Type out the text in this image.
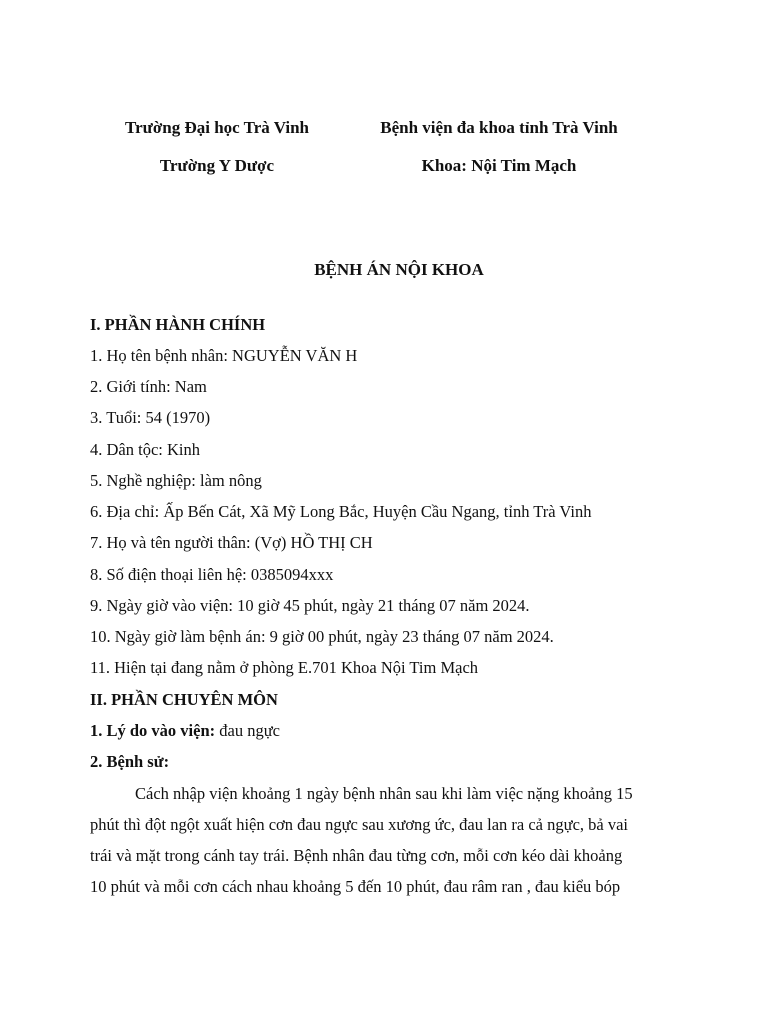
Trường Đại học Trà Vinh	Bệnh viện đa khoa tỉnh Trà Vinh
Trường Y Dược	Khoa: Nội Tim Mạch
BỆNH ÁN NỘI KHOA
I. PHẦN HÀNH CHÍNH
1. Họ tên bệnh nhân: NGUYỄN VĂN H
2. Giới tính: Nam
3. Tuổi: 54 (1970)
4. Dân tộc: Kinh
5. Nghề nghiệp: làm nông
6. Địa chỉ: Ấp Bến Cát, Xã Mỹ Long Bắc, Huyện Cầu Ngang, tỉnh Trà Vinh
7. Họ và tên người thân: (Vợ) HỒ THỊ CH
8. Số điện thoại liên hệ: 0385094xxx
9. Ngày giờ vào viện: 10 giờ 45 phút, ngày 21 tháng 07 năm 2024.
10. Ngày giờ làm bệnh án: 9 giờ 00 phút, ngày 23 tháng 07 năm 2024.
11. Hiện tại đang nằm ở phòng E.701 Khoa Nội Tim Mạch
II. PHẦN CHUYÊN MÔN
1. Lý do vào viện: đau ngực
2. Bệnh sử:
Cách nhập viện khoảng 1 ngày bệnh nhân sau khi làm việc nặng khoảng 15
phút thì đột ngột xuất hiện cơn đau ngực sau xương ức, đau lan ra cả ngực, bả vai
trái và mặt trong cánh tay trái. Bệnh nhân đau từng cơn, mỗi cơn kéo dài khoảng
10 phút và mỗi cơn cách nhau khoảng 5 đến 10 phút, đau râm ran , đau kiểu bóp
